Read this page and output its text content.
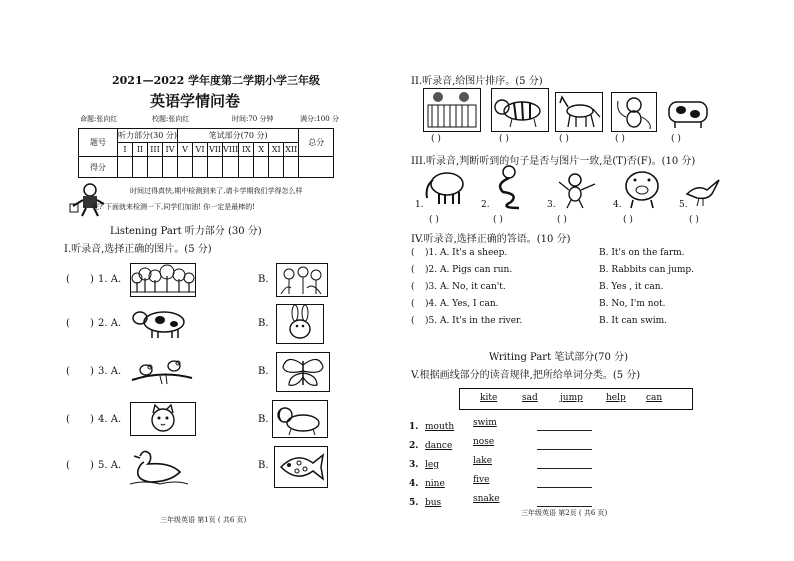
2021—2022 学年度第二学期小学三年级
英语学情问卷
命题:张向红	校题:张向红	时间:70 分钟	满分:100 分
题号	听力部分(30 分)				笔试部分(70 分)								总分
	I	II	III	IV	V	VI	VII	VIII	IX	X	XI	XII	
得分													
时间过得真快,期中检测到来了,请卡学期我们学得怎么样
呢? 下面就来检测一下,同学们加油! 你一定是最棒的!
Listening Part 听力部分 (30 分)
I.听录音,选择正确的图片。(5 分)
( ) 1. A.	B.
( ) 2. A.	B.
( ) 3. A.	B.
( ) 4. A.	B.
( ) 5. A.	B.
三年级英语 第1页 ( 共6 页)
II.听录音,给图片排序。(5 分)
( )	( )	( )	( )	( )
III.听录音,判断听到的句子是否与图片一致,是(T)否(F)。(10 分)
1.	2.	3.	4.	5.
( )	( )	( )	( )	( )
IV.听录音,选择正确的答语。(10 分)
( )1. A. It's a sheep.	B. It's on the farm.
( )2. A. Pigs can run.	B. Rabbits can jump.
( )3. A. No, it can't.	B. Yes , it can.
( )4. A. Yes, I can.	B. No, I'm not.
( )5. A. It's in the river.	B. It can swim.
Writing Part 笔试部分(70 分)
V.根据画线部分的读音规律,把所给单词分类。(5 分)
kite	sad jump	help can
1. mouth swim
2. dance nose
3. leg	lake
4. nine	five
5. bus	snake
三年级英语 第2页 ( 共6 页)
